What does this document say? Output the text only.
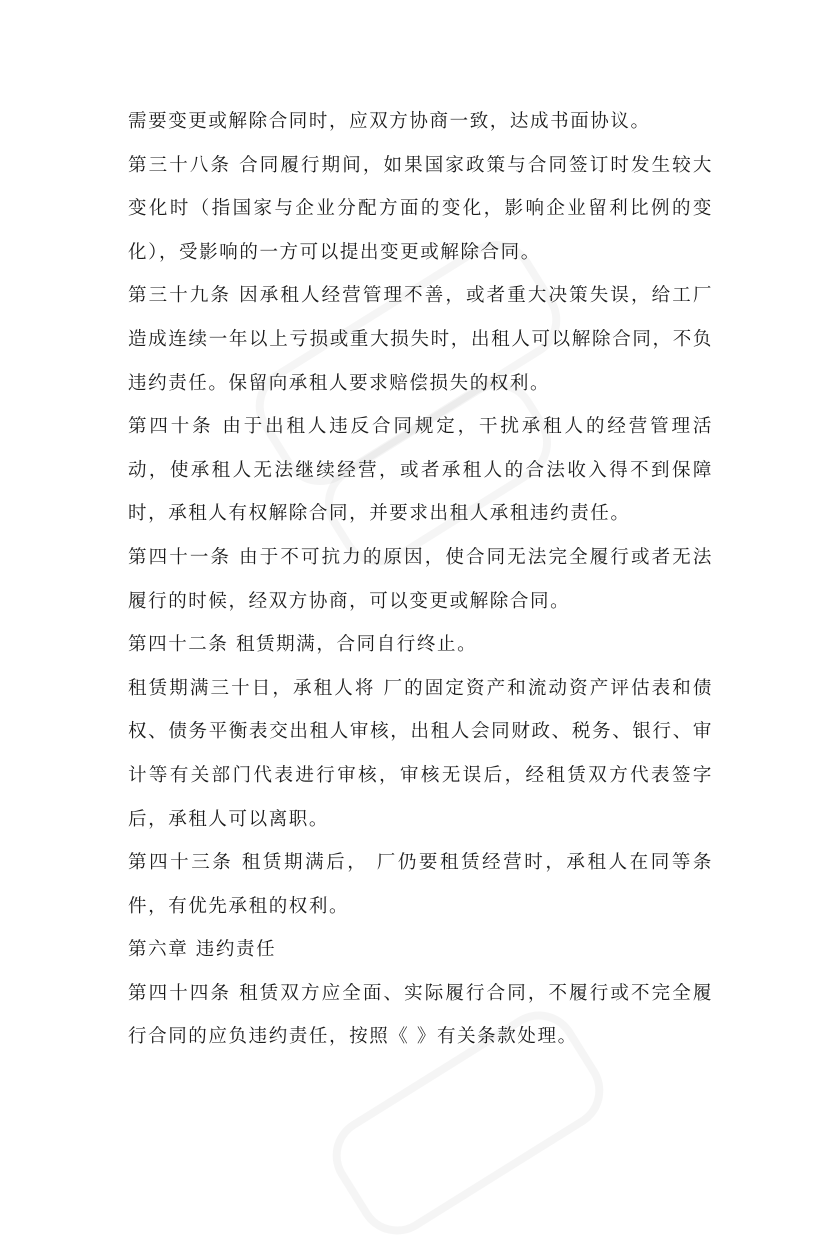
需要变更或解除合同时，应双方协商一致，达成书面协议。

第三十八条 合同履行期间，如果国家政策与合同签订时发生较大变化时（指国家与企业分配方面的变化，影响企业留利比例的变化），受影响的一方可以提出变更或解除合同。

第三十九条 因承租人经营管理不善，或者重大决策失误，给工厂造成连续一年以上亏损或重大损失时，出租人可以解除合同，不负违约责任。保留向承租人要求赔偿损失的权利。

第四十条 由于出租人违反合同规定，干扰承租人的经营管理活动，使承租人无法继续经营，或者承租人的合法收入得不到保障时，承租人有权解除合同，并要求出租人承租违约责任。

第四十一条 由于不可抗力的原因，使合同无法完全履行或者无法履行的时候，经双方协商，可以变更或解除合同。

第四十二条 租赁期满，合同自行终止。

租赁期满三十日，承租人将 厂的固定资产和流动资产评估表和债权、债务平衡表交出租人审核，出租人会同财政、税务、银行、审计等有关部门代表进行审核，审核无误后，经租赁双方代表签字后，承租人可以离职。

第四十三条 租赁期满后， 厂仍要租赁经营时，承租人在同等条件，有优先承租的权利。

第六章 违约责任

第四十四条 租赁双方应全面、实际履行合同，不履行或不完全履行合同的应负违约责任，按照《 》有关条款处理。
